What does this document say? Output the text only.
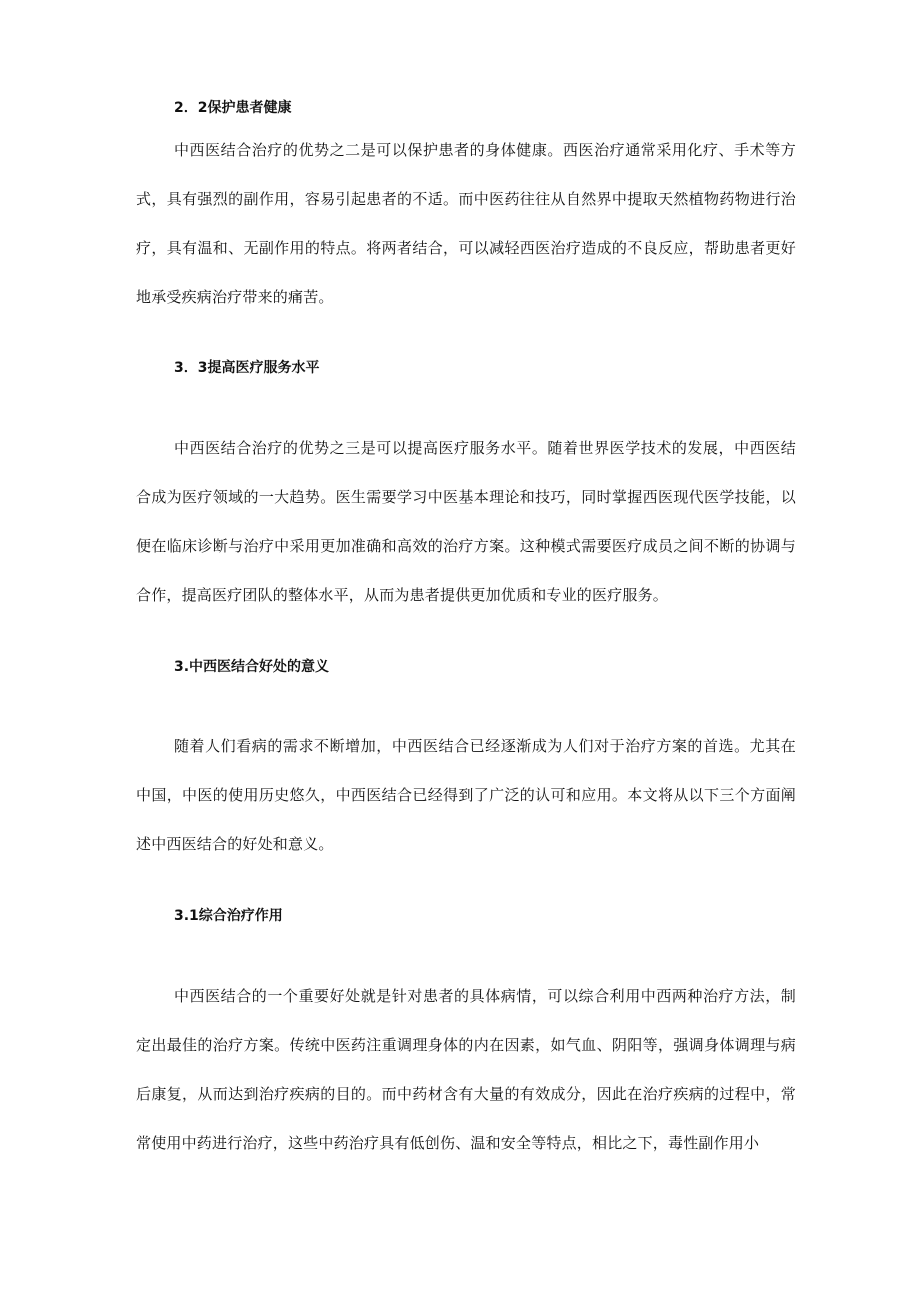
2．2保护患者健康

中西医结合治疗的优势之二是可以保护患者的身体健康。西医治疗通常采用化疗、手术等方式，具有强烈的副作用，容易引起患者的不适。而中医药往往从自然界中提取天然植物药物进行治疗，具有温和、无副作用的特点。将两者结合，可以减轻西医治疗造成的不良反应，帮助患者更好地承受疾病治疗带来的痛苦。

3．3提高医疗服务水平

中西医结合治疗的优势之三是可以提高医疗服务水平。随着世界医学技术的发展，中西医结合成为医疗领域的一大趋势。医生需要学习中医基本理论和技巧，同时掌握西医现代医学技能，以便在临床诊断与治疗中采用更加准确和高效的治疗方案。这种模式需要医疗成员之间不断的协调与合作，提高医疗团队的整体水平，从而为患者提供更加优质和专业的医疗服务。

3.中西医结合好处的意义

随着人们看病的需求不断增加，中西医结合已经逐渐成为人们对于治疗方案的首选。尤其在中国，中医的使用历史悠久，中西医结合已经得到了广泛的认可和应用。本文将从以下三个方面阐述中西医结合的好处和意义。

3.1综合治疗作用

中西医结合的一个重要好处就是针对患者的具体病情，可以综合利用中西两种治疗方法，制定出最佳的治疗方案。传统中医药注重调理身体的内在因素，如气血、阴阳等，强调身体调理与病后康复，从而达到治疗疾病的目的。而中药材含有大量的有效成分，因此在治疗疾病的过程中，常常使用中药进行治疗，这些中药治疗具有低创伤、温和安全等特点，相比之下，毒性副作用小
